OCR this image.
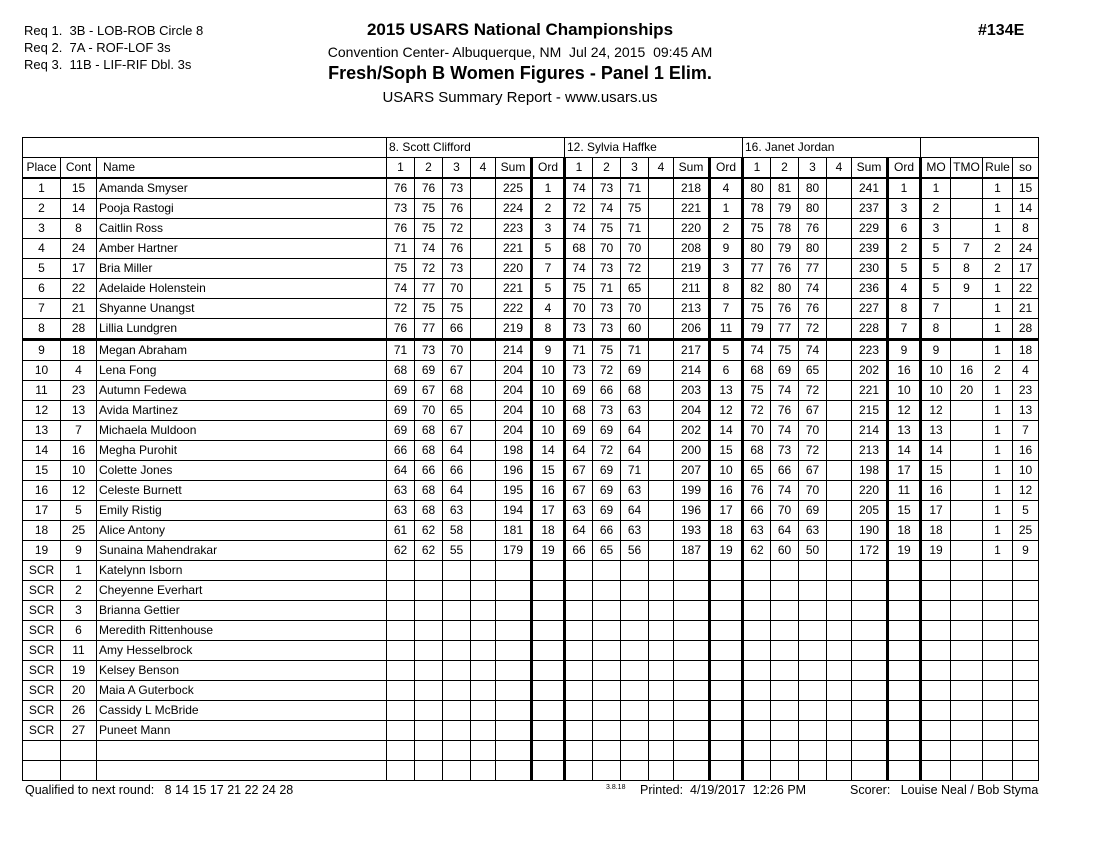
Req 1.  3B - LOB-ROB Circle 8
Req 2.  7A - ROF-LOF 3s
Req 3.  11B - LIF-RIF Dbl. 3s
2015 USARS National Championships
Convention Center- Albuquerque, NM  Jul 24, 2015  09:45 AM
Fresh/Soph B Women Figures - Panel 1 Elim.
USARS Summary Report - www.usars.us
#134E
			8. Scott Clifford						12. Sylvia Haffke						16. Janet Jordan									
Place	Cont	Name	1	2	3	4	Sum	Ord	1	2	3	4	Sum	Ord	1	2	3	4	Sum	Ord	MO	TMO	Rule	so
1	15	Amanda Smyser	76	76	73		225	1	74	73	71		218	4	80	81	80		241	1	1		1	15
2	14	Pooja Rastogi	73	75	76		224	2	72	74	75		221	1	78	79	80		237	3	2		1	14
3	8	Caitlin Ross	76	75	72		223	3	74	75	71		220	2	75	78	76		229	6	3		1	8
4	24	Amber Hartner	71	74	76		221	5	68	70	70		208	9	80	79	80		239	2	5	7	2	24
5	17	Bria Miller	75	72	73		220	7	74	73	72		219	3	77	76	77		230	5	5	8	2	17
6	22	Adelaide Holenstein	74	77	70		221	5	75	71	65		211	8	82	80	74		236	4	5	9	1	22
7	21	Shyanne Unangst	72	75	75		222	4	70	73	70		213	7	75	76	76		227	8	7		1	21
8	28	Lillia Lundgren	76	77	66		219	8	73	73	60		206	11	79	77	72		228	7	8		1	28
9	18	Megan Abraham	71	73	70		214	9	71	75	71		217	5	74	75	74		223	9	9		1	18
10	4	Lena Fong	68	69	67		204	10	73	72	69		214	6	68	69	65		202	16	10	16	2	4
11	23	Autumn Fedewa	69	67	68		204	10	69	66	68		203	13	75	74	72		221	10	10	20	1	23
12	13	Avida Martinez	69	70	65		204	10	68	73	63		204	12	72	76	67		215	12	12		1	13
13	7	Michaela Muldoon	69	68	67		204	10	69	69	64		202	14	70	74	70		214	13	13		1	7
14	16	Megha Purohit	66	68	64		198	14	64	72	64		200	15	68	73	72		213	14	14		1	16
15	10	Colette Jones	64	66	66		196	15	67	69	71		207	10	65	66	67		198	17	15		1	10
16	12	Celeste Burnett	63	68	64		195	16	67	69	63		199	16	76	74	70		220	11	16		1	12
17	5	Emily Ristig	63	68	63		194	17	63	69	64		196	17	66	70	69		205	15	17		1	5
18	25	Alice Antony	61	62	58		181	18	64	66	63		193	18	63	64	63		190	18	18		1	25
19	9	Sunaina Mahendrakar	62	62	55		179	19	66	65	56		187	19	62	60	50		172	19	19		1	9
SCR	1	Katelynn Isborn																						
SCR	2	Cheyenne Everhart																						
SCR	3	Brianna Gettier																						
SCR	6	Meredith Rittenhouse																						
SCR	11	Amy Hesselbrock																						
SCR	19	Kelsey Benson																						
SCR	20	Maia A Guterbock																						
SCR	26	Cassidy L McBride																						
SCR	27	Puneet Mann																						

Qualified to next round:   8 14 15 17 21 22 24 28	3.8.18 Printed:  4/19/2017  12:26 PM	Scorer:   Louise Neal / Bob Styma
